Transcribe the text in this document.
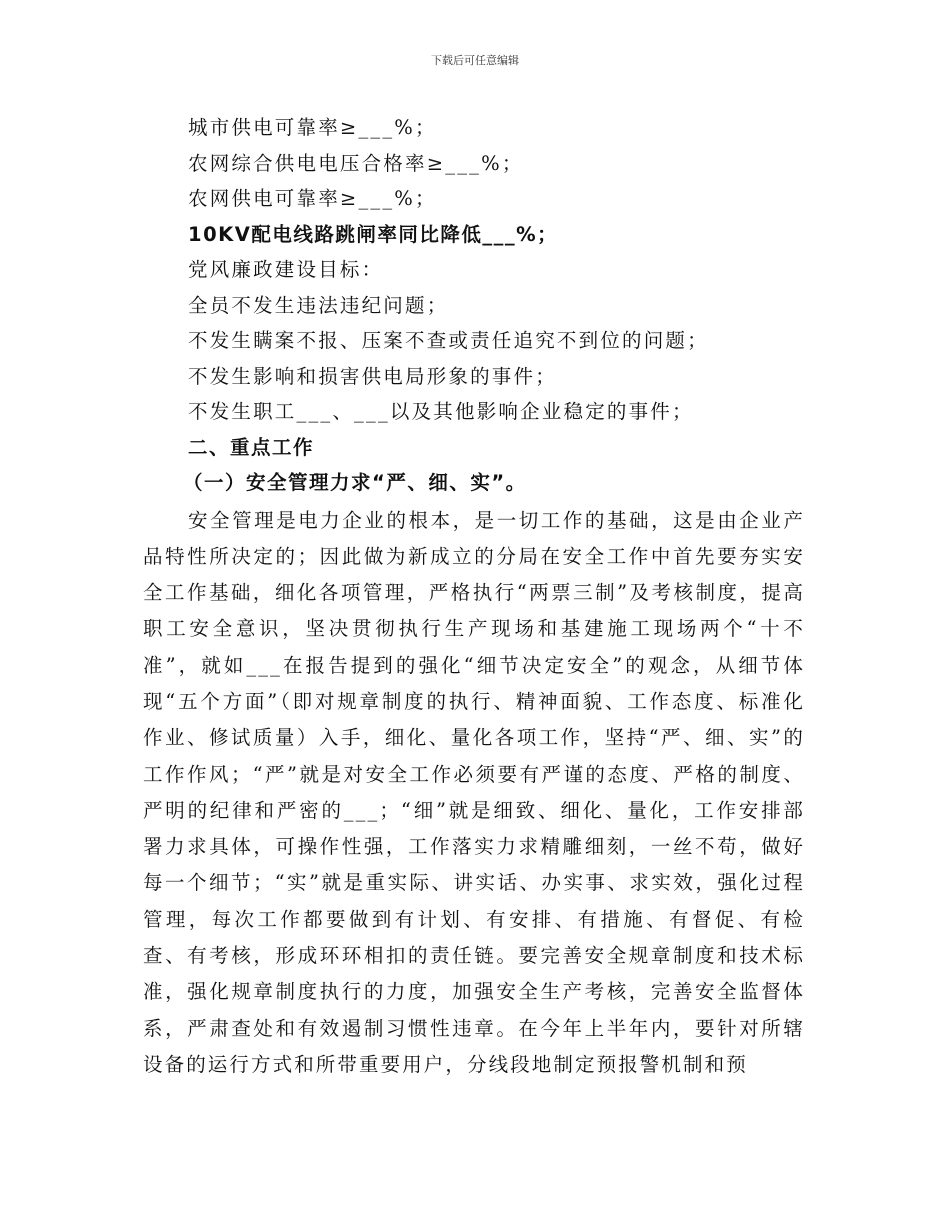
下载后可任意编辑
城市供电可靠率≥___%；
农网综合供电电压合格率≥___%；
农网供电可靠率≥___%；
10KV配电线路跳闸率同比降低___%；
党风廉政建设目标：
全员不发生违法违纪问题；
不发生瞒案不报、压案不查或责任追究不到位的问题；
不发生影响和损害供电局形象的事件；
不发生职工___、___以及其他影响企业稳定的事件；
二、重点工作
（一）安全管理力求“严、细、实”。
安全管理是电力企业的根本，是一切工作的基础，这是由企业产品特性所决定的；因此做为新成立的分局在安全工作中首先要夯实安全工作基础，细化各项管理，严格执行“两票三制”及考核制度，提高职工安全意识，坚决贯彻执行生产现场和基建施工现场两个“十不准”，就如___在报告提到的强化“细节决定安全”的观念，从细节体现“五个方面”（即对规章制度的执行、精神面貌、工作态度、标准化作业、修试质量）入手，细化、量化各项工作，坚持“严、细、实”的工作作风；“严”就是对安全工作必须要有严谨的态度、严格的制度、严明的纪律和严密的___；“细”就是细致、细化、量化，工作安排部署力求具体，可操作性强，工作落实力求精雕细刻，一丝不苟，做好每一个细节；“实”就是重实际、讲实话、办实事、求实效，强化过程管理，每次工作都要做到有计划、有安排、有措施、有督促、有检查、有考核，形成环环相扣的责任链。要完善安全规章制度和技术标准，强化规章制度执行的力度，加强安全生产考核，完善安全监督体系，严肃查处和有效遏制习惯性违章。在今年上半年内，要针对所辖设备的运行方式和所带重要用户，分线段地制定预报警机制和预
